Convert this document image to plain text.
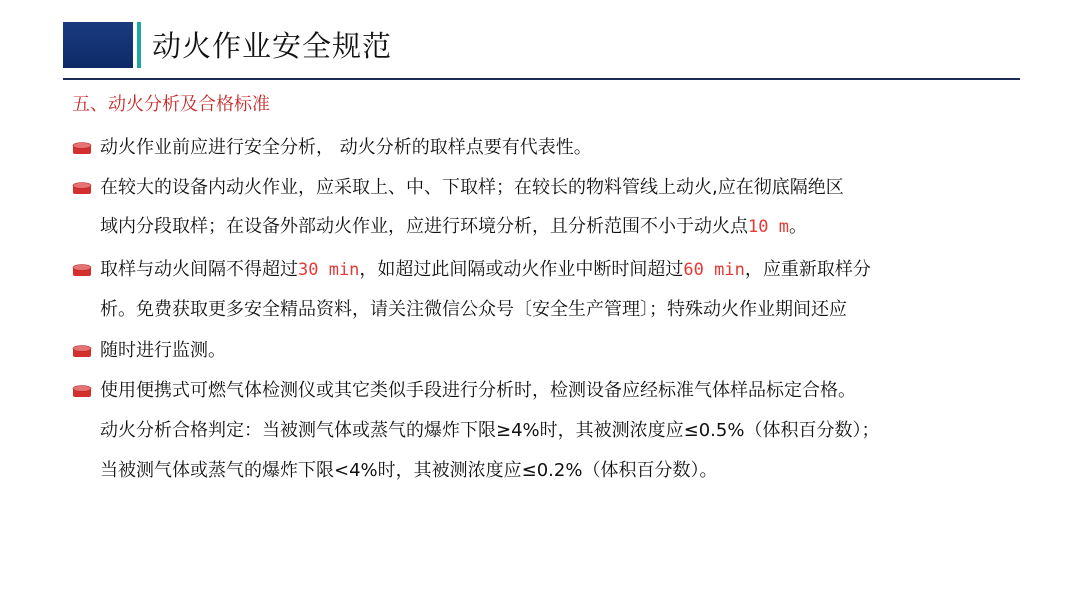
动火作业安全规范
五、动火分析及合格标准
动火作业前应进行安全分析， 动火分析的取样点要有代表性。
在较大的设备内动火作业，应采取上、中、下取样；在较长的物料管线上动火,应在彻底隔绝区
域内分段取样；在设备外部动火作业，应进行环境分析，且分析范围不小于动火点10 m。
取样与动火间隔不得超过30 min，如超过此间隔或动火作业中断时间超过60 min，应重新取样分
析。免费获取更多安全精品资料，请关注微信公众号〔安全生产管理〕；特殊动火作业期间还应
随时进行监测。
使用便携式可燃气体检测仪或其它类似手段进行分析时，检测设备应经标准气体样品标定合格。
动火分析合格判定：当被测气体或蒸气的爆炸下限≥4%时，其被测浓度应≤0.5%（体积百分数）；
当被测气体或蒸气的爆炸下限<4%时，其被测浓度应≤0.2%（体积百分数）。
